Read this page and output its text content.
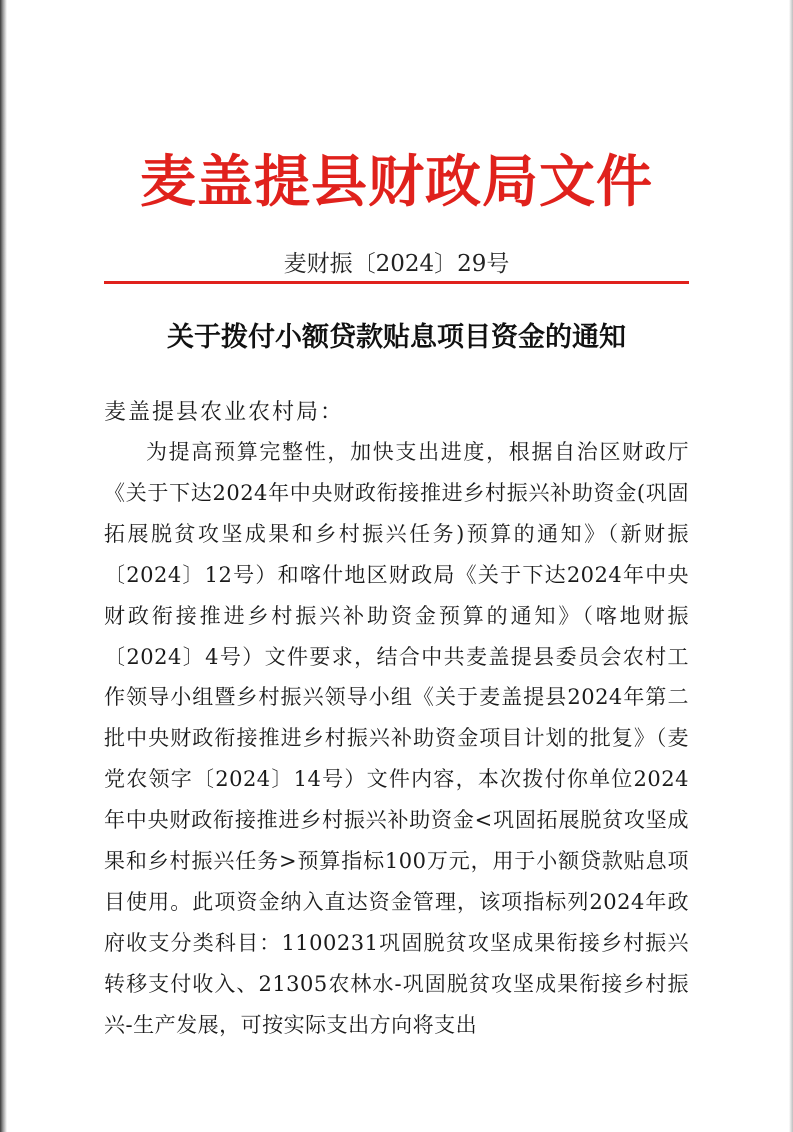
麦盖提县财政局文件
麦财振〔2024〕29号
关于拨付小额贷款贴息项目资金的通知
麦盖提县农业农村局：

为提高预算完整性，加快支出进度，根据自治区财政厅《关于下达2024年中央财政衔接推进乡村振兴补助资金(巩固拓展脱贫攻坚成果和乡村振兴任务)预算的通知》（新财振〔2024〕12号）和喀什地区财政局《关于下达2024年中央财政衔接推进乡村振兴补助资金预算的通知》（喀地财振〔2024〕4号）文件要求，结合中共麦盖提县委员会农村工作领导小组暨乡村振兴领导小组《关于麦盖提县2024年第二批中央财政衔接推进乡村振兴补助资金项目计划的批复》（麦党农领字〔2024〕14号）文件内容，本次拨付你单位2024年中央财政衔接推进乡村振兴补助资金<巩固拓展脱贫攻坚成果和乡村振兴任务>预算指标100万元，用于小额贷款贴息项目使用。此项资金纳入直达资金管理，该项指标列2024年政府收支分类科目：1100231巩固脱贫攻坚成果衔接乡村振兴转移支付收入、21305农林水-巩固脱贫攻坚成果衔接乡村振兴-生产发展，可按实际支出方向将支出
